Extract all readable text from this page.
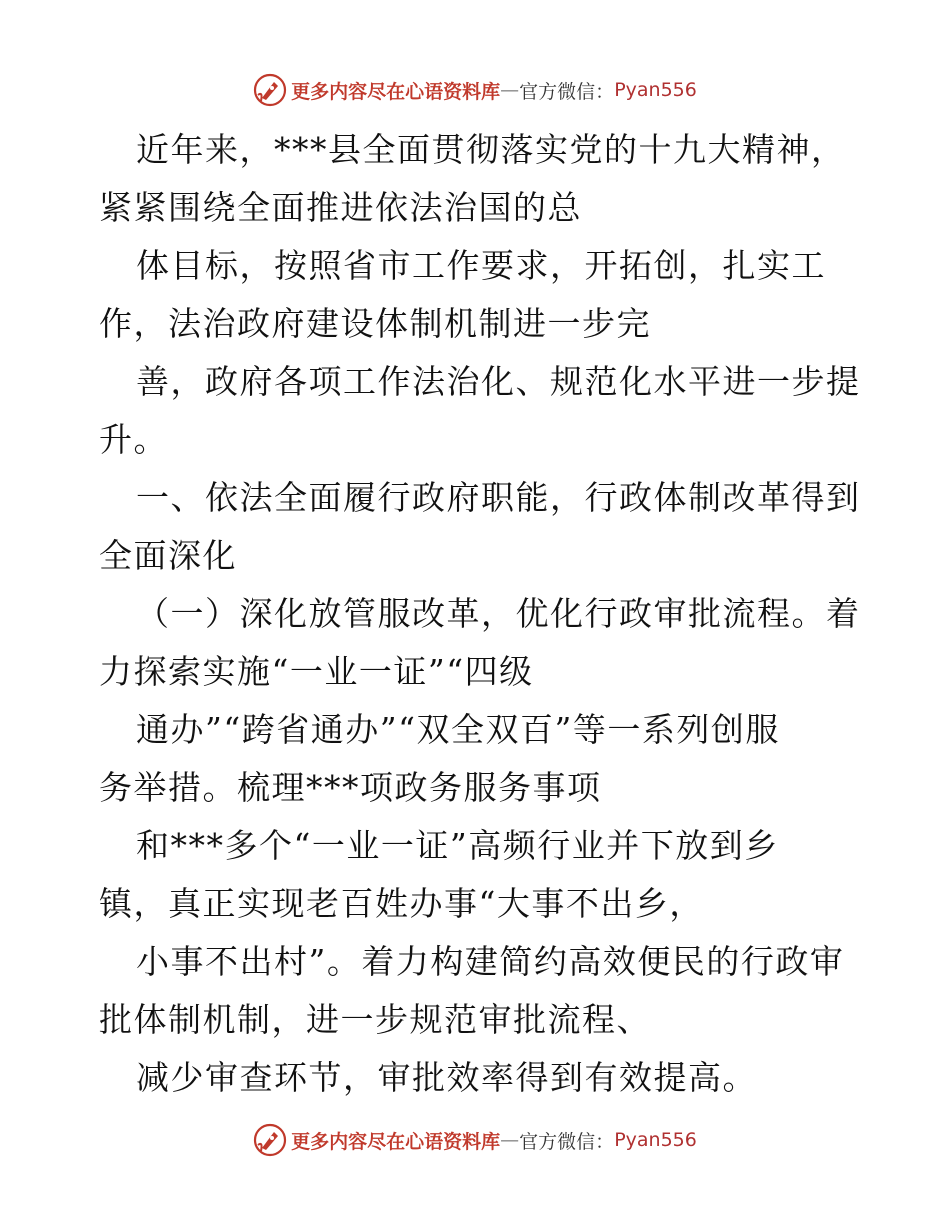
更多内容尽在心语资料库 — 官方微信： Pyan556
近年来，***县全面贯彻落实党的十九大精神，
紧紧围绕全面推进依法治国的总
体目标，按照省市工作要求，开拓创，扎实工
作，法治政府建设体制机制进一步完
善，政府各项工作法治化、规范化水平进一步提
升。
一、依法全面履行政府职能，行政体制改革得到
全面深化
（一）深化放管服改革，优化行政审批流程。着
力探索实施“一业一证”“四级
通办”“跨省通办”“双全双百”等一系列创服
务举措。梳理***项政务服务事项
和***多个“一业一证”高频行业并下放到乡
镇，真正实现老百姓办事“大事不出乡，
小事不出村”。着力构建简约高效便民的行政审
批体制机制，进一步规范审批流程、
减少审查环节，审批效率得到有效提高。
更多内容尽在心语资料库 — 官方微信： Pyan556
